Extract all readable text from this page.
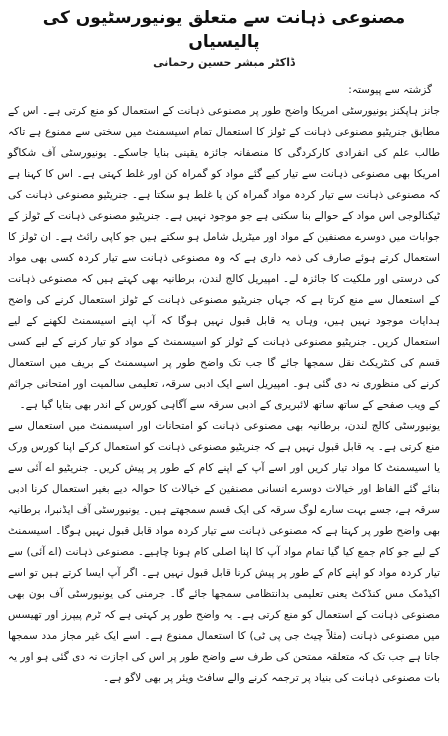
مصنوعی ذہانت سے متعلق یونیورسٹیوں کی پالیسیاں
ڈاکٹر مبشر حسین رحمانی
گزشتہ سے پیوستہ:

جانز ہاپکنز یونیورسٹی امریکا واضح طور پر مصنوعی ذہانت کے استعمال کو منع کرتی ہے۔ اس کے مطابق جنریٹیو مصنوعی ذہانت کے ٹولز کا استعمال تمام اسیسمنٹ میں سختی سے ممنوع ہے تاکہ طالب علم کی انفرادی کارکردگی کا منصفانہ جائزہ یقینی بنایا جاسکے۔ یونیورسٹی آف شکاگو امریکا بھی مصنوعی ذہانت سے تیار کیے گئے مواد کو گمراہ کن اور غلط کہتی ہے۔ اس کا کہنا ہے کہ مصنوعی ذہانت سے تیار کردہ مواد گمراہ کن یا غلط ہو سکتا ہے۔ جنریٹیو مصنوعی ذہانت کی ٹیکنالوجی اس مواد کے حوالے بنا سکتی ہے جو موجود نہیں ہے۔ جنریٹیو مصنوعی ذہانت کے ٹولز کے جوابات میں دوسرے مصنفین کے مواد اور میٹریل شامل ہو سکتے ہیں جو کاپی رائٹ ہے۔ ان ٹولز کا استعمال کرتے ہوئے صارف کی ذمہ داری ہے کہ وہ مصنوعی ذہانت سے تیار کردہ کسی بھی مواد کی درستی اور ملکیت کا جائزہ لے۔ امپیریل کالج لندن، برطانیہ بھی کہتے ہیں کہ مصنوعی ذہانت کے استعمال سے منع کرتا ہے کہ جہاں جنریٹیو مصنوعی ذہانت کے ٹولز استعمال کرنے کی واضح ہدایات موجود نہیں ہیں، وہاں یہ قابل قبول نہیں ہوگا کہ آپ اپنے اسیسمنٹ لکھنے کے لیے استعمال کریں۔ جنریٹیو مصنوعی ذہانت کے ٹولز کو اسیسمنٹ کے مواد کو تیار کرنے کے لیے کسی قسم کی کنٹریکٹ نقل سمجھا جائے گا جب تک واضح طور پر اسیسمنٹ کے بریف میں استعمال کرنے کی منظوری نہ دی گئی ہو۔ امپیریل اسے ایک ادبی سرقہ، تعلیمی سالمیت اور امتحانی جرائم کے ویب صفحے کے ساتھ ساتھ لائبریری کے ادبی سرقہ سے آگاہی کورس کے اندر بھی بتایا گیا ہے۔

یونیورسٹی کالج لندن، برطانیہ بھی مصنوعی ذہانت کو امتحانات اور اسیسمنٹ میں استعمال سے منع کرتی ہے۔ یہ قابل قبول نہیں ہے کہ جنریٹیو مصنوعی ذہانت کو استعمال کرکے اپنا کورس ورک یا اسیسمنٹ کا مواد تیار کریں اور اسے آپ کے اپنے کام کے طور پر پیش کریں۔ جنریٹیو اے آئی سے بنائے گئے الفاظ اور خیالات دوسرے انسانی مصنفین کے خیالات کا حوالہ دیے بغیر استعمال کرنا ادبی سرقہ ہے، جسے بہت سارے لوگ سرقہ کی ایک قسم سمجھتے ہیں۔ یونیورسٹی آف ایڈنبرا، برطانیہ بھی واضح طور پر کہتا ہے کہ مصنوعی ذہانت سے تیار کردہ مواد قابل قبول نہیں ہوگا۔ اسیسمنٹ کے لیے جو کام جمع کیا گیا تمام مواد آپ کا اپنا اصلی کام ہونا چاہیے۔ مصنوعی ذہانت (اے آئی) سے تیار کردہ مواد کو اپنے کام کے طور پر پیش کرنا قابل قبول نہیں ہے۔ اگر آپ ایسا کرتے ہیں تو اسے اکیڈمک مس کنڈکٹ یعنی تعلیمی بدانتظامی سمجھا جائے گا۔ جرمنی کی یونیورسٹی آف بون بھی مصنوعی ذہانت کے استعمال کو منع کرتی ہے۔ یہ واضح طور پر کہتی ہے کہ ٹرم پیپرز اور تھیسس میں مصنوعی ذہانت (مثلاً چیٹ جی پی ٹی) کا استعمال ممنوع ہے۔ اسے ایک غیر مجاز مدد سمجھا جاتا ہے جب تک کہ متعلقہ ممتحن کی طرف سے واضح طور پر اس کی اجازت نہ دی گئی ہو اور یہ بات مصنوعی ذہانت کی بنیاد پر ترجمہ کرنے والے سافٹ ویئر پر بھی لاگو ہے۔
